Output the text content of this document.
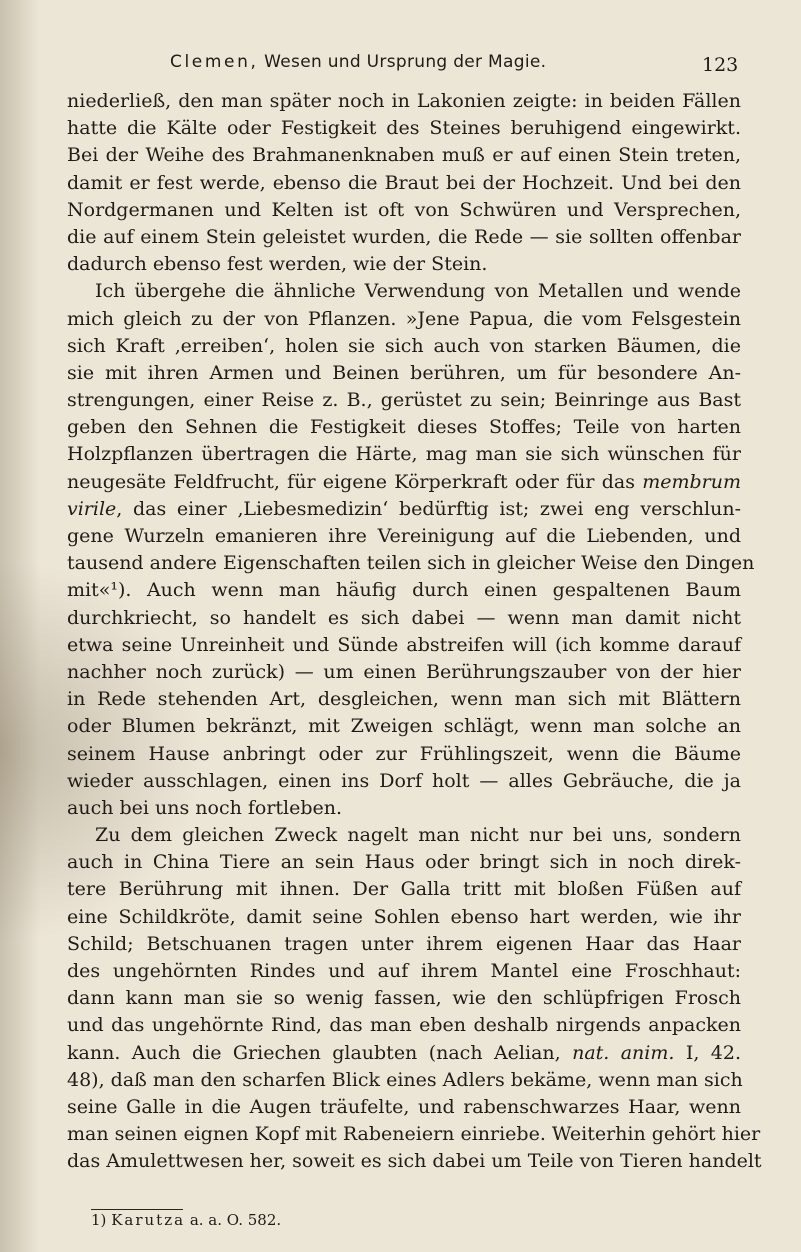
Clemen, Wesen und Ursprung der Magie.	123
niederließ, den man später noch in Lakonien zeigte: in beiden Fällen
hatte die Kälte oder Festigkeit des Steines beruhigend eingewirkt.
Bei der Weihe des Brahmanenknaben muß er auf einen Stein treten,
damit er fest werde, ebenso die Braut bei der Hochzeit. Und bei den
Nordgermanen und Kelten ist oft von Schwüren und Versprechen,
die auf einem Stein geleistet wurden, die Rede — sie sollten offenbar
dadurch ebenso fest werden, wie der Stein.
Ich übergehe die ähnliche Verwendung von Metallen und wende
mich gleich zu der von Pflanzen. »Jene Papua, die vom Felsgestein
sich Kraft ‚erreiben‘, holen sie sich auch von starken Bäumen, die
sie mit ihren Armen und Beinen berühren, um für besondere An-
strengungen, einer Reise z. B., gerüstet zu sein; Beinringe aus Bast
geben den Sehnen die Festigkeit dieses Stoffes; Teile von harten
Holzpflanzen übertragen die Härte, mag man sie sich wünschen für
neugesäte Feldfrucht, für eigene Körperkraft oder für das membrum
virile, das einer ‚Liebesmedizin‘ bedürftig ist; zwei eng verschlun-
gene Wurzeln emanieren ihre Vereinigung auf die Liebenden, und
tausend andere Eigenschaften teilen sich in gleicher Weise den Dingen
mit«¹). Auch wenn man häufig durch einen gespaltenen Baum
durchkriecht, so handelt es sich dabei — wenn man damit nicht
etwa seine Unreinheit und Sünde abstreifen will (ich komme darauf
nachher noch zurück) — um einen Berührungszauber von der hier
in Rede stehenden Art, desgleichen, wenn man sich mit Blättern
oder Blumen bekränzt, mit Zweigen schlägt, wenn man solche an
seinem Hause anbringt oder zur Frühlingszeit, wenn die Bäume
wieder ausschlagen, einen ins Dorf holt — alles Gebräuche, die ja
auch bei uns noch fortleben.
Zu dem gleichen Zweck nagelt man nicht nur bei uns, sondern
auch in China Tiere an sein Haus oder bringt sich in noch direk-
tere Berührung mit ihnen. Der Galla tritt mit bloßen Füßen auf
eine Schildkröte, damit seine Sohlen ebenso hart werden, wie ihr
Schild; Betschuanen tragen unter ihrem eigenen Haar das Haar
des ungehörnten Rindes und auf ihrem Mantel eine Froschhaut:
dann kann man sie so wenig fassen, wie den schlüpfrigen Frosch
und das ungehörnte Rind, das man eben deshalb nirgends anpacken
kann. Auch die Griechen glaubten (nach Aelian, nat. anim. I, 42.
48), daß man den scharfen Blick eines Adlers bekäme, wenn man sich
seine Galle in die Augen träufelte, und rabenschwarzes Haar, wenn
man seinen eignen Kopf mit Rabeneiern einriebe. Weiterhin gehört hier
das Amulettwesen her, soweit es sich dabei um Teile von Tieren handelt
1) Karutza a. a. O. 582.
